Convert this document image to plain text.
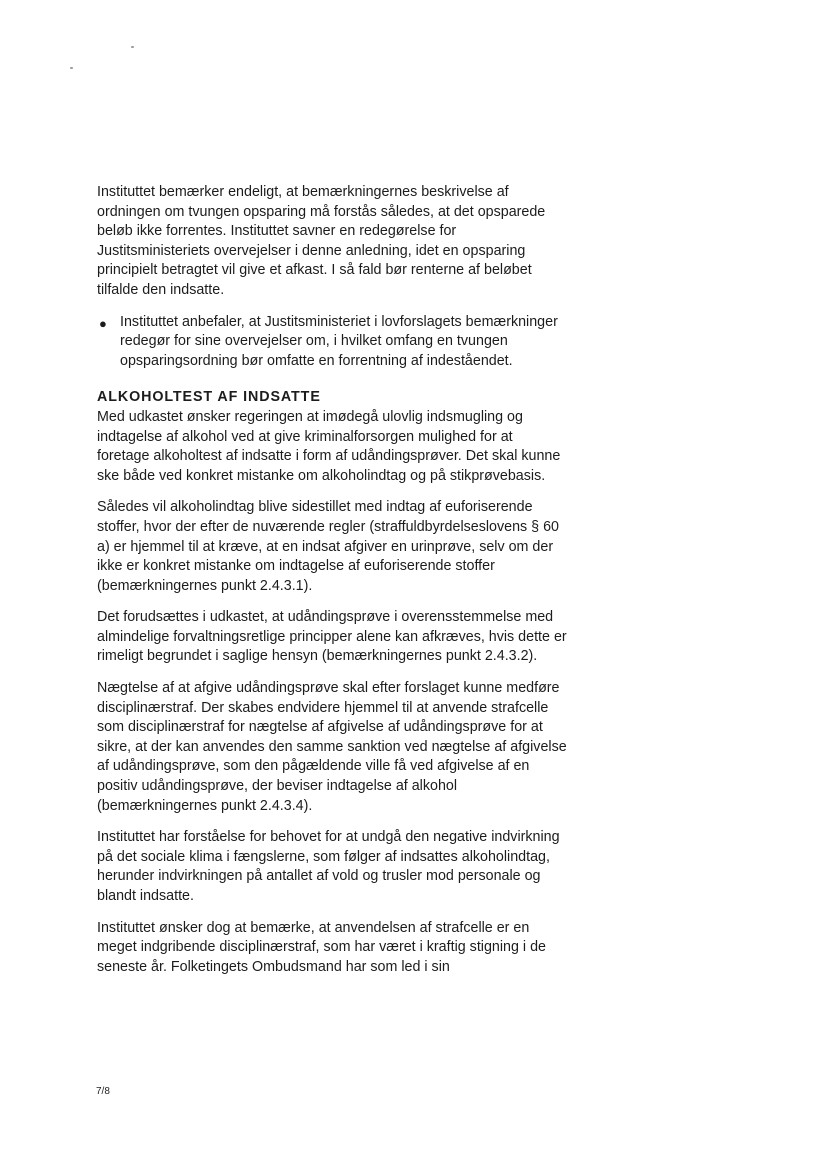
Instituttet bemærker endeligt, at bemærkningernes beskrivelse af ordningen om tvungen opsparing må forstås således, at det opsparede beløb ikke forrentes. Instituttet savner en redegørelse for Justitsministeriets overvejelser i denne anledning, idet en opsparing principielt betragtet vil give et afkast. I så fald bør renterne af beløbet tilfalde den indsatte.

● Instituttet anbefaler, at Justitsministeriet i lovforslagets bemærkninger redegør for sine overvejelser om, i hvilket omfang en tvungen opsparingsordning bør omfatte en forrentning af indeståendet.
ALKOHOLTEST AF INDSATTE

Med udkastet ønsker regeringen at imødegå ulovlig indsmugling og indtagelse af alkohol ved at give kriminalforsorgen mulighed for at foretage alkoholtest af indsatte i form af udåndingsprøver. Det skal kunne ske både ved konkret mistanke om alkoholindtag og på stikprøvebasis.

Således vil alkoholindtag blive sidestillet med indtag af euforiserende stoffer, hvor der efter de nuværende regler (straffuldbyrdelseslovens § 60 a) er hjemmel til at kræve, at en indsat afgiver en urinprøve, selv om der ikke er konkret mistanke om indtagelse af euforiserende stoffer (bemærkningernes punkt 2.4.3.1).

Det forudsættes i udkastet, at udåndingsprøve i overensstemmelse med almindelige forvaltningsretlige principper alene kan afkræves, hvis dette er rimeligt begrundet i saglige hensyn (bemærkningernes punkt 2.4.3.2).

Nægtelse af at afgive udåndingsprøve skal efter forslaget kunne medføre disciplinærstraf. Der skabes endvidere hjemmel til at anvende strafcelle som disciplinærstraf for nægtelse af afgivelse af udåndingsprøve for at sikre, at der kan anvendes den samme sanktion ved nægtelse af afgivelse af udåndingsprøve, som den pågældende ville få ved afgivelse af en positiv udåndingsprøve, der beviser indtagelse af alkohol (bemærkningernes punkt 2.4.3.4).

Instituttet har forståelse for behovet for at undgå den negative indvirkning på det sociale klima i fængslerne, som følger af indsattes alkoholindtag, herunder indvirkningen på antallet af vold og trusler mod personale og blandt indsatte.

Instituttet ønsker dog at bemærke, at anvendelsen af strafcelle er en meget indgribende disciplinærstraf, som har været i kraftig stigning i de seneste år. Folketingets Ombudsmand har som led i sin

7/8
